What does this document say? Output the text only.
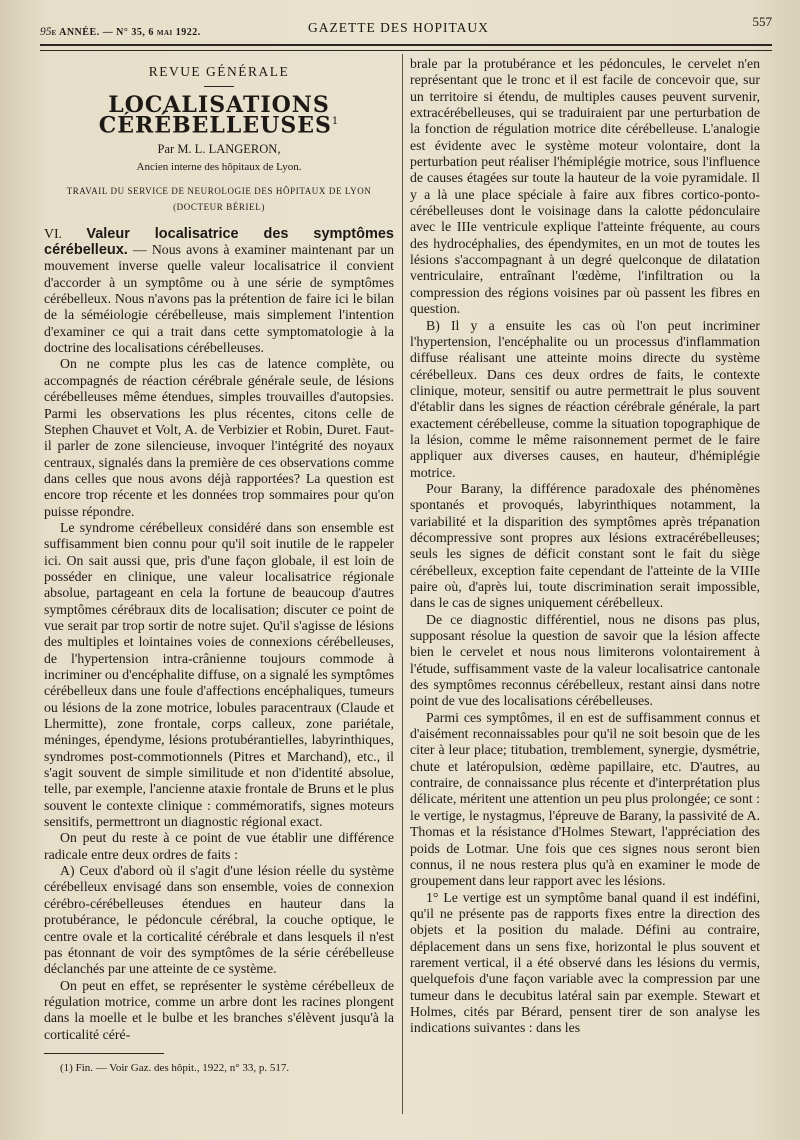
95e ANNÉE. — N° 35, 6 mai 1922.	GAZETTE DES HOPITAUX	557
REVUE GÉNÉRALE
LOCALISATIONS CÉRÉBELLEUSES$^1$
Par M. L. LANGERON,
Ancien interne des hôpitaux de Lyon.
TRAVAIL DU SERVICE DE NEUROLOGIE DES HÔPITAUX DE LYON
(DOCTEUR BÉRIEL)

VI. Valeur localisatrice des symptômes cérébelleux. — Nous avons à examiner maintenant par un mouvement inverse quelle valeur localisatrice il convient d'accorder à un symptôme ou à une série de symptômes cérébelleux. Nous n'avons pas la prétention de faire ici le bilan de la séméiologie cérébelleuse, mais simplement l'intention d'examiner ce qui a trait dans cette symptomatologie à la doctrine des localisations cérébelleuses.

On ne compte plus les cas de latence complète, ou accompagnés de réaction cérébrale générale seule, de lésions cérébelleuses même étendues, simples trouvailles d'autopsies. Parmi les observations les plus récentes, citons celle de Stephen Chauvet et Volt, A. de Verbizier et Robin, Duret. Faut-il parler de zone silencieuse, invoquer l'intégrité des noyaux centraux, signalés dans la première de ces observations comme dans celles que nous avons déjà rapportées? La question est encore trop récente et les données trop sommaires pour qu'on puisse répondre.

Le syndrome cérébelleux considéré dans son ensemble est suffisamment bien connu pour qu'il soit inutile de le rappeler ici. On sait aussi que, pris d'une façon globale, il est loin de posséder en clinique, une valeur localisatrice régionale absolue, partageant en cela la fortune de beaucoup d'autres symptômes cérébraux dits de localisation; discuter ce point de vue serait par trop sortir de notre sujet. Qu'il s'agisse de lésions des multiples et lointaines voies de connexions cérébelleuses, de l'hypertension intra-crânienne toujours commode à incriminer ou d'encéphalite diffuse, on a signalé les symptômes cérébelleux dans une foule d'affections encéphaliques, tumeurs ou lésions de la zone motrice, lobules paracentraux (Claude et Lhermitte), zone frontale, corps calleux, zone pariétale, méninges, épendyme, lésions protubérantielles, labyrinthiques, syndromes post-commotionnels (Pitres et Marchand), etc., il s'agit souvent de simple similitude et non d'identité absolue, telle, par exemple, l'ancienne ataxie frontale de Bruns et le plus souvent le contexte clinique : commémoratifs, signes moteurs sensitifs, permettront un diagnostic régional exact.

On peut du reste à ce point de vue établir une différence radicale entre deux ordres de faits :

A) Ceux d'abord où il s'agit d'une lésion réelle du système cérébelleux envisagé dans son ensemble, voies de connexion cérébro-cérébelleuses étendues en hauteur dans la protubérance, le pédoncule cérébral, la couche optique, le centre ovale et la corticalité cérébrale et dans lesquels il n'est pas étonnant de voir des symptômes de la série cérébelleuse déclanchés par une atteinte de ce système.

On peut en effet, se représenter le système cérébelleux de régulation motrice, comme un arbre dont les racines plongent dans la moelle et le bulbe et les branches s'élèvent jusqu'à la corticalité céré-

(1) Fin. — Voir Gaz. des hôpit., 1922, n° 33, p. 517.

brale par la protubérance et les pédoncules, le cervelet n'en représentant que le tronc et il est facile de concevoir que, sur un territoire si étendu, de multiples causes peuvent survenir, extracérébelleuses, qui se traduiraient par une perturbation de la fonction de régulation motrice dite cérébelleuse. L'analogie est évidente avec le système moteur volontaire, dont la perturbation peut réaliser l'hémiplégie motrice, sous l'influence de causes étagées sur toute la hauteur de la voie pyramidale. Il y a là une place spéciale à faire aux fibres cortico-ponto-cérébelleuses dont le voisinage dans la calotte pédonculaire avec le IIIe ventricule explique l'atteinte fréquente, au cours des hydrocéphalies, des épendymites, en un mot de toutes les lésions s'accompagnant à un degré quelconque de dilatation ventriculaire, entraînant l'œdème, l'infiltration ou la compression des régions voisines par où passent les fibres en question.

B) Il y a ensuite les cas où l'on peut incriminer l'hypertension, l'encéphalite ou un processus d'inflammation diffuse réalisant une atteinte moins directe du système cérébelleux. Dans ces deux ordres de faits, le contexte clinique, moteur, sensitif ou autre permettrait le plus souvent d'établir dans les signes de réaction cérébrale générale, la part exactement cérébelleuse, comme la situation topographique de la lésion, comme le même raisonnement permet de le faire appliquer aux diverses causes, en hauteur, d'hémiplégie motrice.

Pour Barany, la différence paradoxale des phénomènes spontanés et provoqués, labyrinthiques notamment, la variabilité et la disparition des symptômes après trépanation décompressive sont propres aux lésions extracérébelleuses; seuls les signes de déficit constant sont le fait du siège cérébelleux, exception faite cependant de l'atteinte de la VIIIe paire où, d'après lui, toute discrimination serait impossible, dans le cas de signes uniquement cérébelleux.

De ce diagnostic différentiel, nous ne disons pas plus, supposant résolue la question de savoir que la lésion affecte bien le cervelet et nous nous limiterons volontairement à l'étude, suffisamment vaste de la valeur localisatrice cantonale des symptômes reconnus cérébelleux, restant ainsi dans notre point de vue des localisations cérébelleuses.

Parmi ces symptômes, il en est de suffisamment connus et d'aisément reconnaissables pour qu'il ne soit besoin que de les citer à leur place; titubation, tremblement, synergie, dysmétrie, chute et latéropulsion, œdème papillaire, etc. D'autres, au contraire, de connaissance plus récente et d'interprétation plus délicate, méritent une attention un peu plus prolongée; ce sont : le vertige, le nystagmus, l'épreuve de Barany, la passivité de A. Thomas et la résistance d'Holmes Stewart, l'appréciation des poids de Lotmar. Une fois que ces signes nous seront bien connus, il ne nous restera plus qu'à en examiner le mode de groupement dans leur rapport avec les lésions.

1° Le vertige est un symptôme banal quand il est indéfini, qu'il ne présente pas de rapports fixes entre la direction des objets et la position du malade. Défini au contraire, déplacement dans un sens fixe, horizontal le plus souvent et rarement vertical, il a été observé dans les lésions du vermis, quelquefois d'une façon variable avec la compression par une tumeur dans le decubitus latéral sain par exemple. Stewart et Holmes, cités par Bérard, pensent tirer de son analyse les indications suivantes : dans les
